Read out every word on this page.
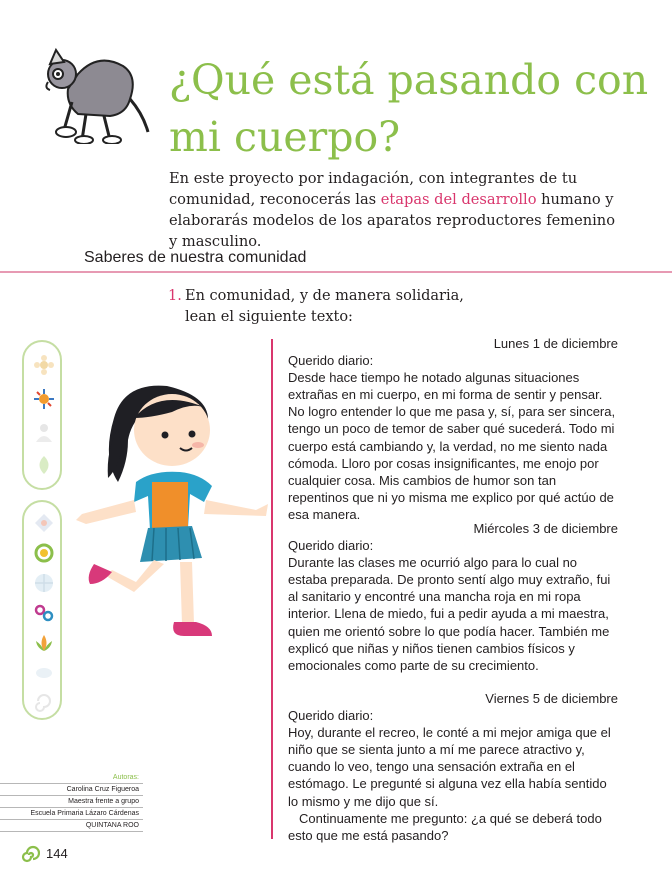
¿Qué está pasando con mi cuerpo?

En este proyecto por indagación, con integrantes de tu comunidad, reconocerás las etapas del desarrollo humano y elaborarás modelos de los aparatos reproductores femenino y masculino.

Saberes de nuestra comunidad
1. En comunidad, y de manera solidaria, lean el siguiente texto:
Autoras:
Carolina Cruz Figueroa
Maestra frente a grupo
Escuela Primaria Lázaro Cárdenas
QUINTANA ROO
144
Lunes 1 de diciembre
Querido diario:
Desde hace tiempo he notado algunas situaciones extrañas en mi cuerpo, en mi forma de sentir y pensar. No logro entender lo que me pasa y, sí, para ser sincera, tengo un poco de temor de saber qué sucederá. Todo mi cuerpo está cambiando y, la verdad, no me siento nada cómoda. Lloro por cosas insignificantes, me enojo por cualquier cosa. Mis cambios de humor son tan repentinos que ni yo misma me explico por qué actúo de esa manera.
Miércoles 3 de diciembre
Querido diario:
Durante las clases me ocurrió algo para lo cual no estaba preparada. De pronto sentí algo muy extraño, fui al sanitario y encontré una mancha roja en mi ropa interior. Llena de miedo, fui a pedir ayuda a mi maestra, quien me orientó sobre lo que podía hacer. También me explicó que niñas y niños tienen cambios físicos y emocionales como parte de su crecimiento.
Viernes 5 de diciembre
Querido diario:
Hoy, durante el recreo, le conté a mi mejor amiga que el niño que se sienta junto a mí me parece atractivo y, cuando lo veo, tengo una sensación extraña en el estómago. Le pregunté si alguna vez ella había sentido lo mismo y me dijo que sí.
Continuamente me pregunto: ¿a qué se deberá todo esto que me está pasando?
